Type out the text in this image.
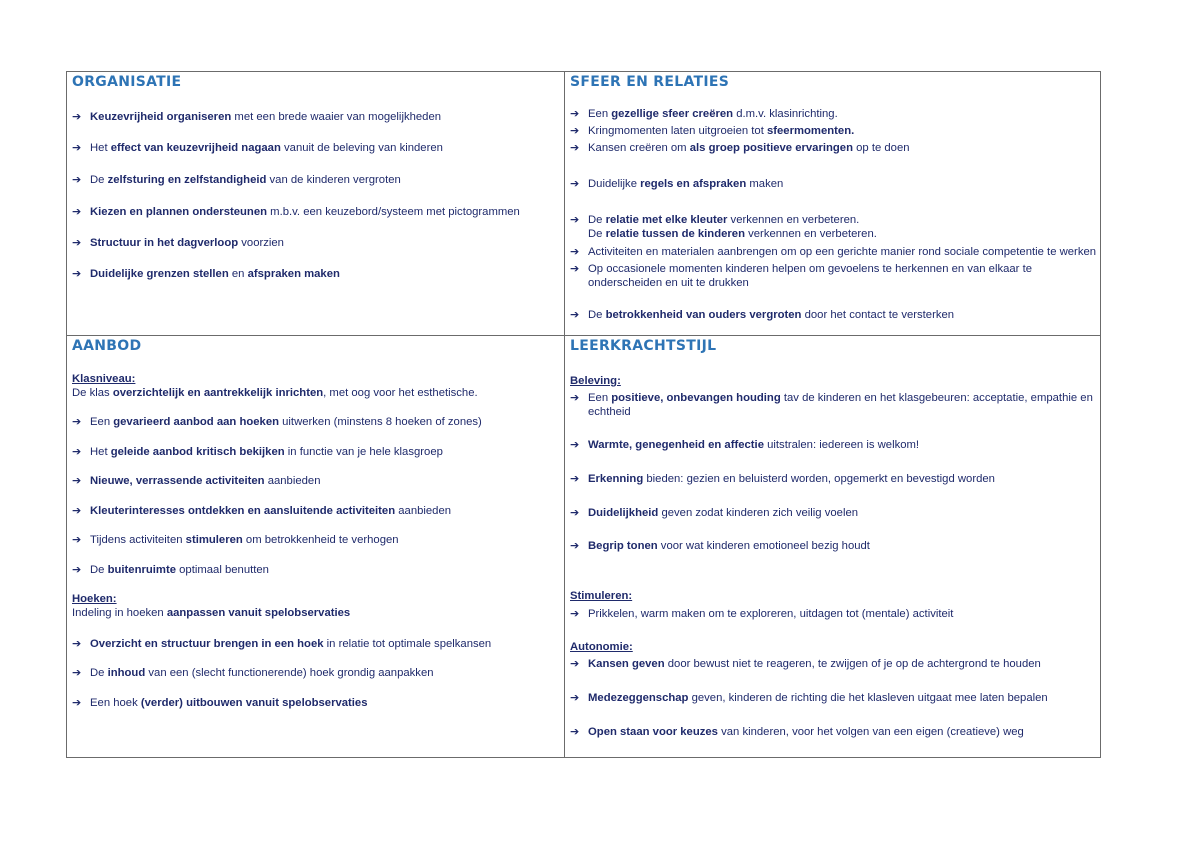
ORGANISATIE
➔ Keuzevrijheid organiseren met een brede waaier van mogelijkheden
➔ Het effect van keuzevrijheid nagaan vanuit de beleving van kinderen
➔ De zelfsturing en zelfstandigheid van de kinderen vergroten
➔ Kiezen en plannen ondersteunen m.b.v. een keuzebord/systeem met pictogrammen
➔ Structuur in het dagverloop voorzien
➔ Duidelijke grenzen stellen en afspraken maken
SFEER EN RELATIES
➔ Een gezellige sfeer creëren d.m.v. klasinrichting.
➔ Kringmomenten laten uitgroeien tot sfeermomenten.
➔ Kansen creëren om als groep positieve ervaringen op te doen
➔ Duidelijke regels en afspraken maken
➔ De relatie met elke kleuter verkennen en verbeteren.
De relatie tussen de kinderen verkennen en verbeteren.
➔ Activiteiten en materialen aanbrengen om op een gerichte manier rond sociale competentie te werken
➔ Op occasionele momenten kinderen helpen om gevoelens te herkennen en van elkaar te
onderscheiden en uit te drukken
➔ De betrokkenheid van ouders vergroten door het contact te versterken
AANBOD
Klasniveau:
De klas overzichtelijk en aantrekkelijk inrichten, met oog voor het esthetische.
➔ Een gevarieerd aanbod aan hoeken uitwerken (minstens 8 hoeken of zones)
➔ Het geleide aanbod kritisch bekijken in functie van je hele klasgroep
➔ Nieuwe, verrassende activiteiten aanbieden
➔ Kleuterinteresses ontdekken en aansluitende activiteiten aanbieden
➔ Tijdens activiteiten stimuleren om betrokkenheid te verhogen
➔ De buitenruimte optimaal benutten
Hoeken:
Indeling in hoeken aanpassen vanuit spelobservaties
➔ Overzicht en structuur brengen in een hoek in relatie tot optimale spelkansen
➔ De inhoud van een (slecht functionerende) hoek grondig aanpakken
➔ Een hoek (verder) uitbouwen vanuit spelobservaties
LEERKRACHTSTIJL
Beleving:
➔ Een positieve, onbevangen houding tav de kinderen en het klasgebeuren: acceptatie, empathie en
echtheid
➔ Warmte, genegenheid en affectie uitstralen: iedereen is welkom!
➔ Erkenning bieden: gezien en beluisterd worden, opgemerkt en bevestigd worden
➔ Duidelijkheid geven zodat kinderen zich veilig voelen
➔ Begrip tonen voor wat kinderen emotioneel bezig houdt
Stimuleren:
➔ Prikkelen, warm maken om te exploreren, uitdagen tot (mentale) activiteit
Autonomie:
➔ Kansen geven door bewust niet te reageren, te zwijgen of je op de achtergrond te houden
➔ Medezeggenschap geven, kinderen de richting die het klasleven uitgaat mee laten bepalen
➔ Open staan voor keuzes van kinderen, voor het volgen van een eigen (creatieve) weg
